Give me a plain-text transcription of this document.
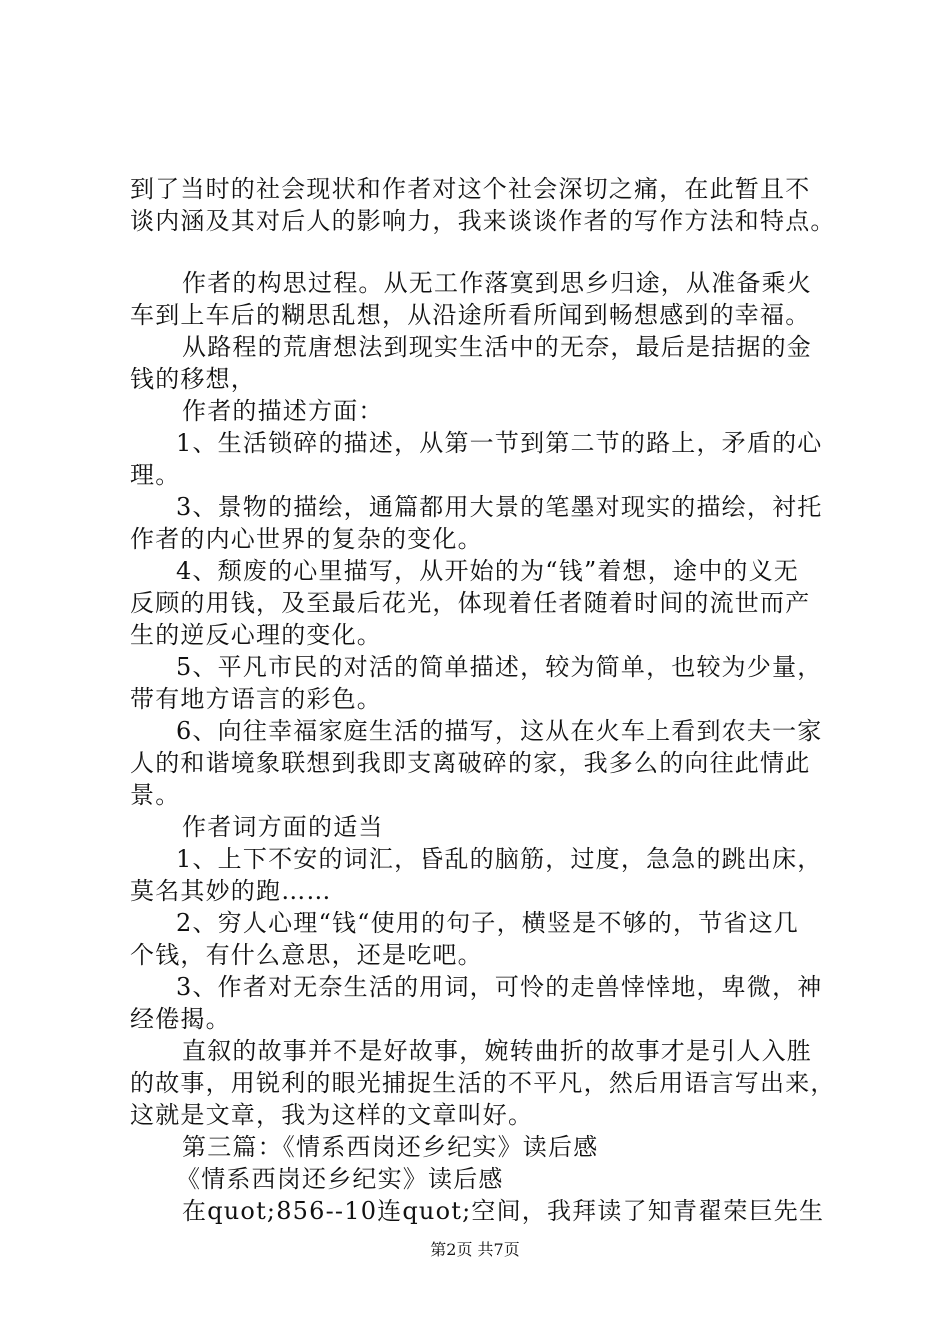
到了当时的社会现状和作者对这个社会深切之痛，在此暂且不
谈内涵及其对后人的影响力，我来谈谈作者的写作方法和特点。
作者的构思过程。从无工作落寞到思乡归途，从准备乘火
车到上车后的糊思乱想，从沿途所看所闻到畅想感到的幸福。
从路程的荒唐想法到现实生活中的无奈，最后是拮据的金
钱的移想，
作者的描述方面：
1、生活锁碎的描述，从第一节到第二节的路上，矛盾的心
理。
3、景物的描绘，通篇都用大景的笔墨对现实的描绘，衬托
作者的内心世界的复杂的变化。
4、颓废的心里描写，从开始的为“钱”着想，途中的义无
反顾的用钱，及至最后花光，体现着任者随着时间的流世而产
生的逆反心理的变化。
5、平凡市民的对活的简单描述，较为简单，也较为少量，
带有地方语言的彩色。
6、向往幸福家庭生活的描写，这从在火车上看到农夫一家
人的和谐境象联想到我即支离破碎的家，我多么的向往此情此
景。
作者词方面的适当
1、上下不安的词汇，昏乱的脑筋，过度，急急的跳出床，
莫名其妙的跑……
2、穷人心理“钱“使用的句子，横竖是不够的，节省这几
个钱，有什么意思，还是吃吧。
3、作者对无奈生活的用词，可怜的走兽悻悻地，卑微，神
经倦揭。
直叙的故事并不是好故事，婉转曲折的故事才是引人入胜
的故事，用锐利的眼光捕捉生活的不平凡，然后用语言写出来，
这就是文章，我为这样的文章叫好。
第三篇：《情系西岗还乡纪实》读后感
《情系西岗还乡纪实》读后感
在quot;856--10连quot;空间，我拜读了知青翟荣巨先生
第2页 共7页
